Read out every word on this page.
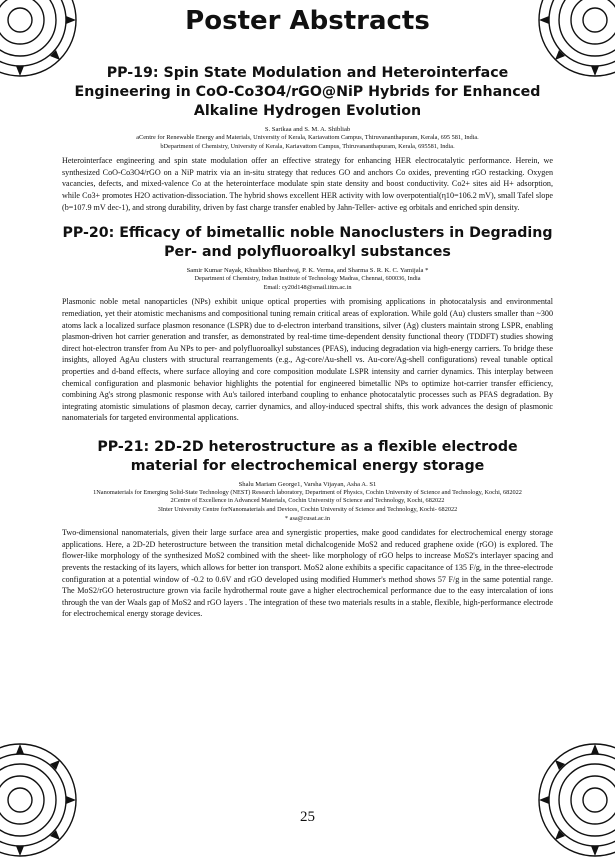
Poster Abstracts
PP-19: Spin State Modulation and Heterointerface Engineering in CoO-Co3O4/rGO@NiP Hybrids for Enhanced Alkaline Hydrogen Evolution
S. Sarikaa and S. M. A. Shibliab
aCentre for Renewable Energy and Materials, University of Kerala, Kariavattom Campus, Thiruvananthapuram, Kerala, 695 581, India.
bDepartment of Chemistry, University of Kerala, Kariavattom Campus, Thiruvananthapuram, Kerala, 695581, India.
Heterointerface engineering and spin state modulation offer an effective strategy for enhancing HER electrocatalytic performance. Herein, we synthesized CoO-Co3O4/rGO on a NiP matrix via an in-situ strategy that reduces GO and anchors Co oxides, preventing rGO restacking. Oxygen vacancies, defects, and mixed-valence Co at the heterointerface modulate spin state density and boost conductivity. Co2+ sites aid H+ adsorption, while Co3+ promotes H2O activation-dissociation. The hybrid shows excellent HER activity with low overpotential(η10=106.2 mV), small Tafel slope (b=107.9 mV dec-1), and strong durability, driven by fast charge transfer enabled by Jahn-Teller- active eg orbitals and enriched spin density.
PP-20: Efficacy of bimetallic noble Nanoclusters in Degrading Per- and polyfluoroalkyl substances
Samir Kumar Nayak, Khushboo Bhardwaj, P. K. Verma, and Sharma S. R. K. C. Yamijala *
Department of Chemistry, Indian Institute of Technology Madras, Chennai, 600036, India
Email: cy20d148@smail.iitm.ac.in
Plasmonic noble metal nanoparticles (NPs) exhibit unique optical properties with promising applications in photocatalysis and environmental remediation, yet their atomistic mechanisms and compositional tuning remain critical areas of exploration. While gold (Au) clusters smaller than ~300 atoms lack a localized surface plasmon resonance (LSPR) due to d-electron interband transitions, silver (Ag) clusters maintain strong LSPR, enabling plasmon-driven hot carrier generation and transfer, as demonstrated by real-time time-dependent density functional theory (TDDFT) studies showing direct hot-electron transfer from Au NPs to per- and polyfluoroalkyl substances (PFAS), inducing degradation via high-energy carriers. To bridge these insights, alloyed AgAu clusters with structural rearrangements (e.g., Ag-core/Au-shell vs. Au-core/Ag-shell configurations) reveal tunable optical properties and d-band effects, where surface alloying and core composition modulate LSPR intensity and carrier dynamics. This interplay between chemical configuration and plasmonic behavior highlights the potential for engineered bimetallic NPs to optimize hot-carrier transfer efficiency, combining Ag's strong plasmonic response with Au's tailored interband coupling to enhance photocatalytic processes such as PFAS degradation. By integrating atomistic simulations of plasmon decay, carrier dynamics, and alloy-induced spectral shifts, this work advances the design of plasmonic nanomaterials for targeted environmental applications.
PP-21: 2D-2D heterostructure as a flexible electrode material for electrochemical energy storage
Shalu Mariam George1, Varsha Vijayan, Asha A. S1
1Nanomaterials for Emerging Solid-State Technology (NEST) Research laboratory, Department of Physics, Cochin University of Science and Technology, Kochi, 682022
2Centre of Excellence in Advanced Materials, Cochin University of Science and Technology, Kochi, 682022
3Inter University Centre forNanomaterials and Devices, Cochin University of Science and Technology, Kochi- 682022
* asa@cusat.ac.in
Two-dimensional nanomaterials, given their large surface area and synergistic properties, make good candidates for electrochemical energy storage applications. Here, a 2D-2D heterostructure between the transition metal dichalcogenide MoS2 and reduced graphene oxide (rGO) is explored. The flower-like morphology of the synthesized MoS2 combined with the sheet- like morphology of rGO helps to increase MoS2's interlayer spacing and prevents the restacking of its layers, which allows for better ion transport. MoS2 alone exhibits a specific capacitance of 135 F/g, in the three-electrode configuration at a potential window of -0.2 to 0.6V and rGO developed using modified Hummer's method shows 57 F/g in the same potential range. The MoS2/rGO heterostructure grown via facile hydrothermal route gave a higher electrochemical performance due to the easy intercalation of ions through the van der Waals gap of MoS2 and rGO layers . The integration of these two materials results in a stable, flexible, high-performance electrode for electrochemical energy storage devices.
25
